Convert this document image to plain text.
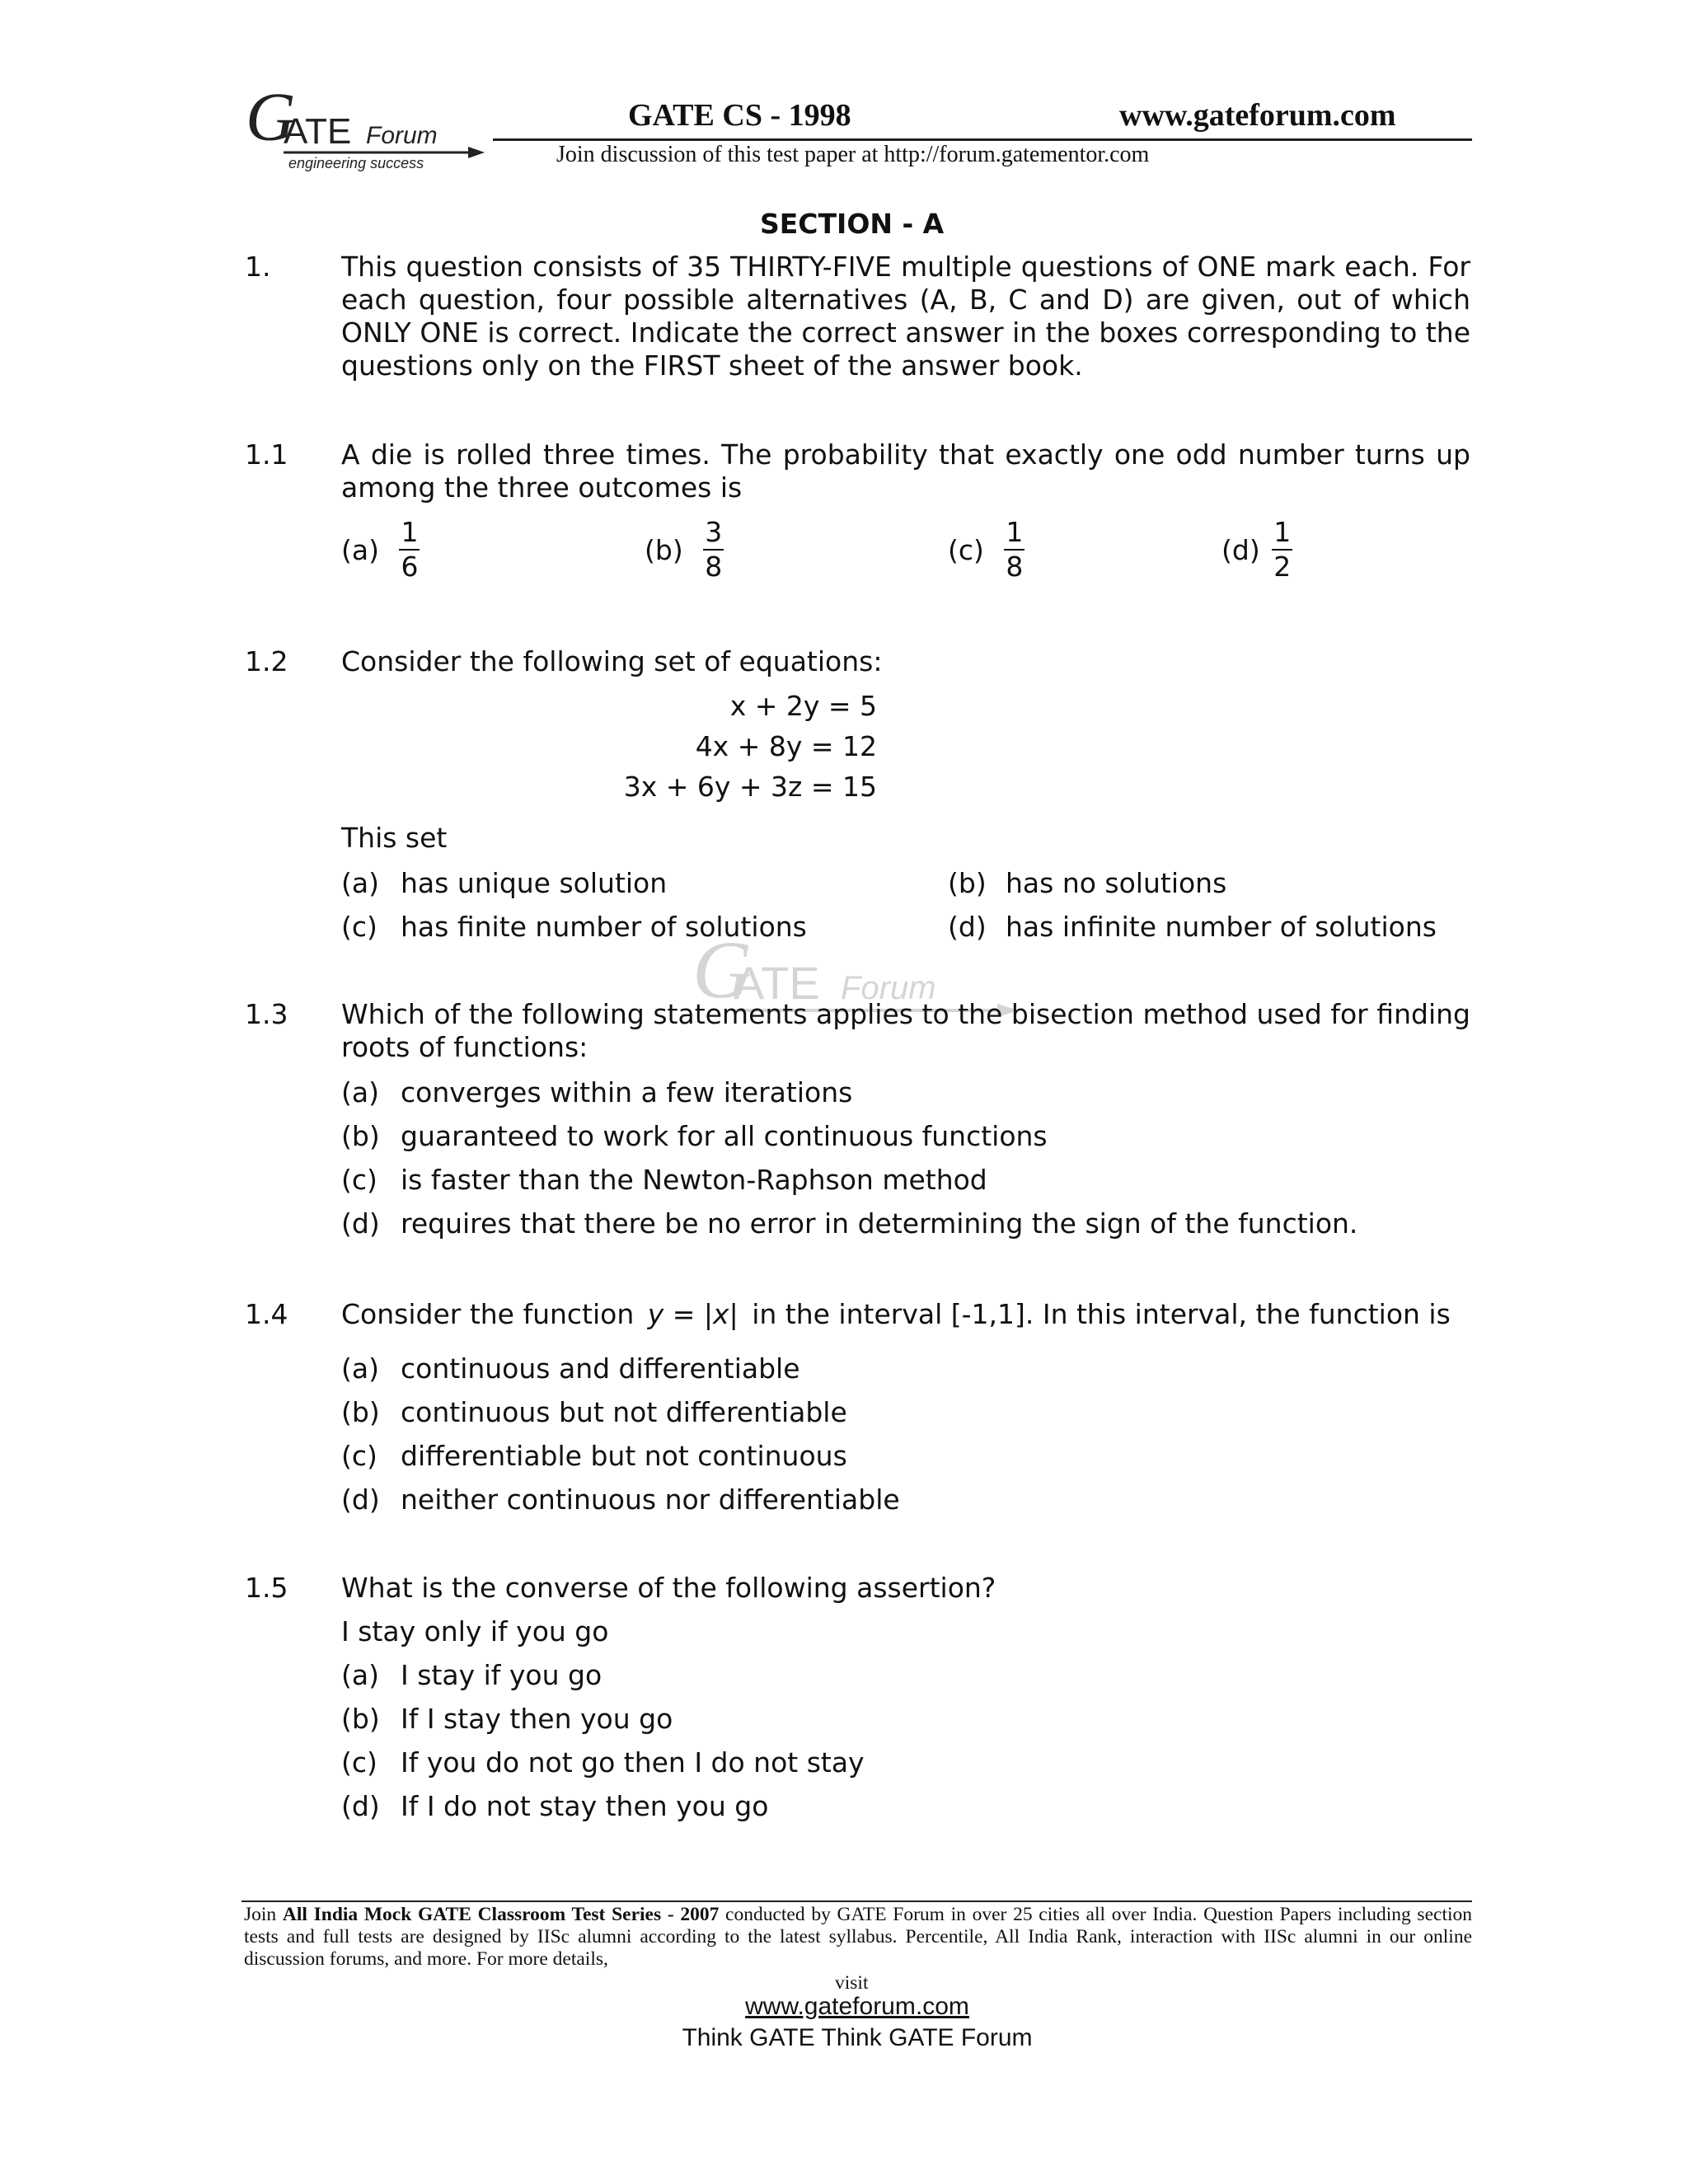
G
ATE Forum
engineering success
GATE CS - 1998	www.gateforum.com
Join discussion of this test paper at http://forum.gatementor.com
SECTION - A
1.	This question consists of 35 THIRTY-FIVE multiple questions of ONE mark each. For each question, four possible alternatives (A, B, C and D) are given, out of which ONLY ONE is correct. Indicate the correct answer in the boxes corresponding to the questions only on the FIRST sheet of the answer book.
1.1 A die is rolled three times. The probability that exactly one odd number turns up among the three outcomes is
$(a) \frac{1}{6}$	$(b) \frac{3}{8}$	$(c) \frac{1}{8}$	$(d) \frac{1}{2}$
1.2 Consider the following set of equations:
x + 2y = 5
4x + 8y = 12
3x + 6y + 3z = 15
This set
(a) has unique solution	(b) has no solutions
(c) has finite number of solutions	(d) has infinite number of solutions
G
ATE Forum
1.3 Which of the following statements applies to the bisection method used for finding roots of functions:
(a) converges within a few iterations
(b) guaranteed to work for all continuous functions
(c) is faster than the Newton-Raphson method
(d) requires that there be no error in determining the sign of the function.
1.4 Consider the function y = |x| in the interval [-1,1]. In this interval, the function is
(a) continuous and differentiable
(b) continuous but not differentiable
(c) differentiable but not continuous
(d) neither continuous nor differentiable
1.5 What is the converse of the following assertion?
I stay only if you go
(a) I stay if you go
(b) If I stay then you go
(c) If you do not go then I do not stay
(d) If I do not stay then you go
Join All India Mock GATE Classroom Test Series - 2007 conducted by GATE Forum in over 25 cities all over India. Question Papers including section tests and full tests are designed by IISc alumni according to the latest syllabus. Percentile, All India Rank, interaction with IISc alumni in our online discussion forums, and more. For more details,
visit
www.gateforum.com
Think GATE Think GATE Forum
